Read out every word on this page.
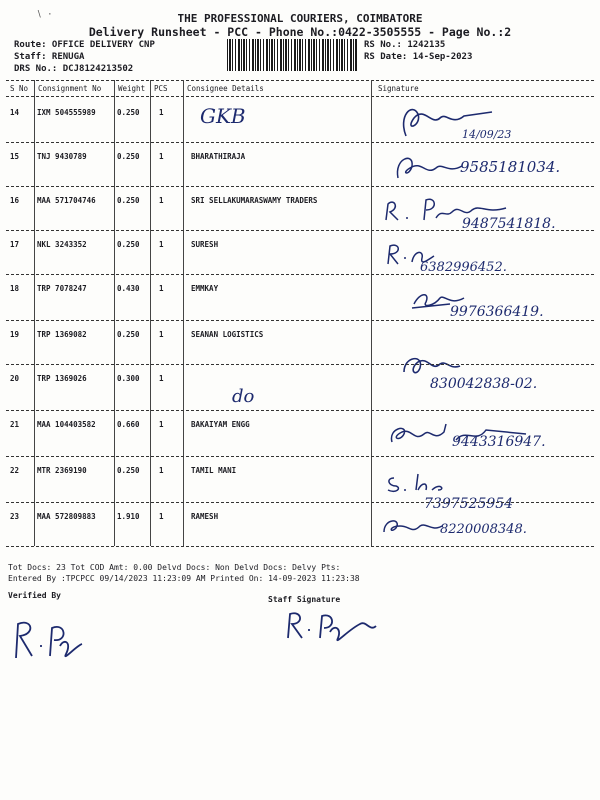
∖ ·	THE PROFESSIONAL COURIERS, COIMBATORE
Delivery Runsheet - PCC - Phone No.:0422-3505555 - Page No.:2
Route: OFFICE DELIVERY CNP
Staff: RENUGA
DRS No.: DCJ8124213502
RS No.: 1242135
RS Date: 14-Sep-2023
S No Consignment No Weight PCS	Consignee Details	Signature
14 IXM 504555989	0.250	1 GKB
14/09/23
15 TNJ 9430789	0.250	1	BHARATHIRAJA
9585181034.
16 MAA 571704746	0.250	1	SRI SELLAKUMARASWAMY TRADERS
9487541818.
17 NKL 3243352	0.250	1	SURESH
6382996452.
18 TRP 7078247	0.430	1	EMMKAY
9976366419.
19 TRP 1369082	0.250	1	SEANAN LOGISTICS
20 TRP 1369026	0.300	1
do
830042838-02.
21 MAA 104403582	0.660	1	BAKAIYAM ENGG
9443316947.
22 MTR 2369190	0.250	1	TAMIL MANI
7397525954
23 MAA 572809883	1.910	1	RAMESH
8220008348.
Tot Docs: 23 Tot COD Amt: 0.00 Delvd Docs: Non Delvd Docs: Delvy Pts:
Entered By :TPCPCC 09/14/2023 11:23:09 AM Printed On: 14-09-2023 11:23:38
Verified By	Staff Signature
